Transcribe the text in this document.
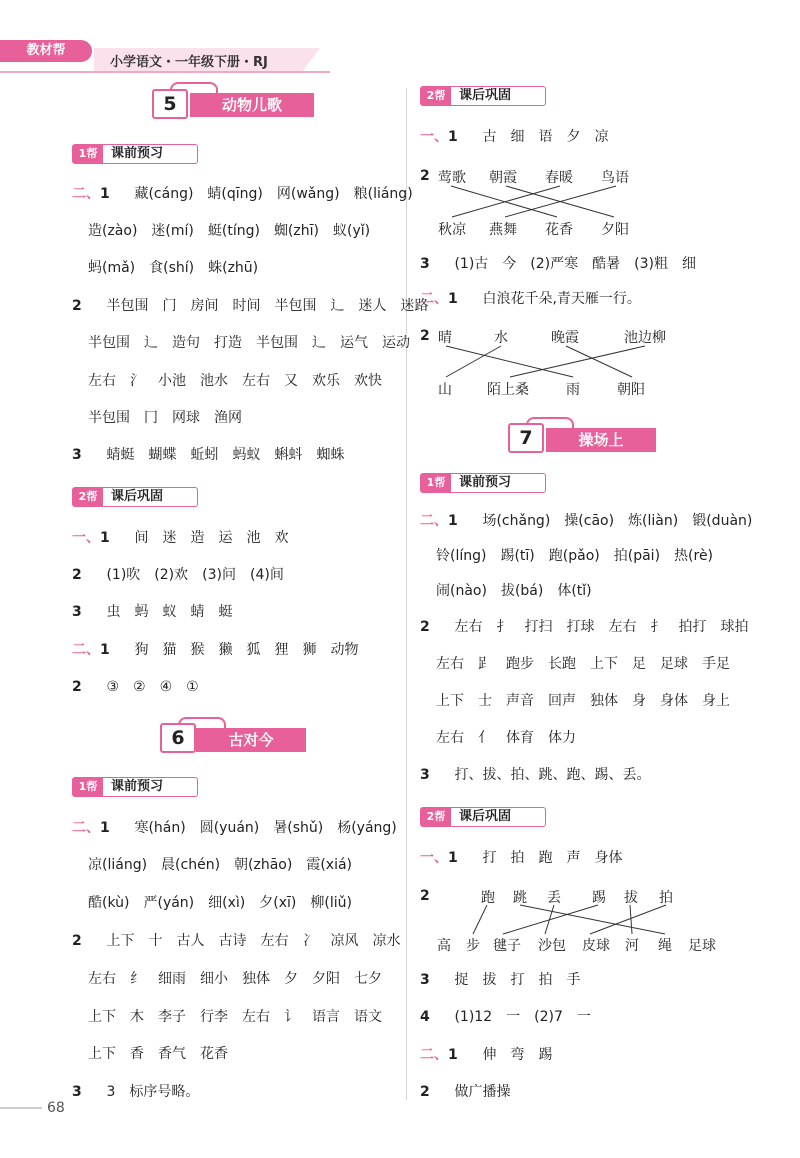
教材帮
小学语文・一年级下册・RJ
动物儿歌
5
1帮	课前预习
二、1 藏(cáng) 蜻(qīng) 网(wǎng) 粮(liáng)
造(zào) 迷(mí) 蜓(tíng) 蜘(zhī) 蚁(yǐ)
蚂(mǎ) 食(shí) 蛛(zhū)
2 半包围 门 房间 时间 半包围 辶 迷人 迷路
半包围 辶 造句 打造 半包围 辶 运气 运动
左右 氵 小池 池水 左右 又 欢乐 欢快
半包围 冂 网球 渔网
3 蜻蜓 蝴蝶 蚯蚓 蚂蚁 蝌蚪 蜘蛛
2帮	课后巩固
一、1 间 迷 造 运 池 欢
2 (1)吹 (2)欢 (3)问 (4)间
3 虫 蚂 蚁 蜻 蜓
二、1 狗 猫 猴 獭 狐 狸 狮 动物
2 ③ ② ④ ①
古对今
6
1帮	课前预习
二、1 寒(hán) 圆(yuán) 暑(shǔ) 杨(yáng)
凉(liáng) 晨(chén) 朝(zhāo) 霞(xiá)
酷(kù) 严(yán) 细(xì) 夕(xī) 柳(liǔ)
2 上下 十 古人 古诗 左右 冫 凉风 凉水
左右 纟 细雨 细小 独体 夕 夕阳 七夕
上下 木 李子 行李 左右 讠 语言 语文
上下 香 香气 花香
3 3 标序号略。
2帮	课后巩固
一、1 古 细 语 夕 凉
2 莺歌 朝霞 春暖 鸟语
秋凉 燕舞 花香 夕阳
3 (1)古 今 (2)严寒 酷暑 (3)粗 细
二、1 白浪花千朵,青天雁一行。
2 晴	水	晚霞	池边柳
山	陌上桑	雨	朝阳
操场上
7
1帮	课前预习
二、1 场(chǎng) 操(cāo) 炼(liàn) 锻(duàn)
铃(líng) 踢(tī) 跑(pǎo) 拍(pāi) 热(rè)
闹(nào) 拔(bá) 体(tǐ)
2 左右 扌 打扫 打球 左右 扌 拍打 球拍
左右 𧾷 跑步 长跑 上下 足 足球 手足
上下 士 声音 回声 独体 身 身体 身上
左右 亻 体育 体力
3 打、拔、拍、跳、跑、踢、丢。
2帮	课后巩固
一、1 打 拍 跑 声 身体
2	跑 跳 丢 踢 拔 拍
高 步 毽子 沙包 皮球 河 绳 足球
3 捉 拔 打 拍 手
4 (1)12 一 (2)7 一
二、1 伸 弯 踢
2 做广播操
68
